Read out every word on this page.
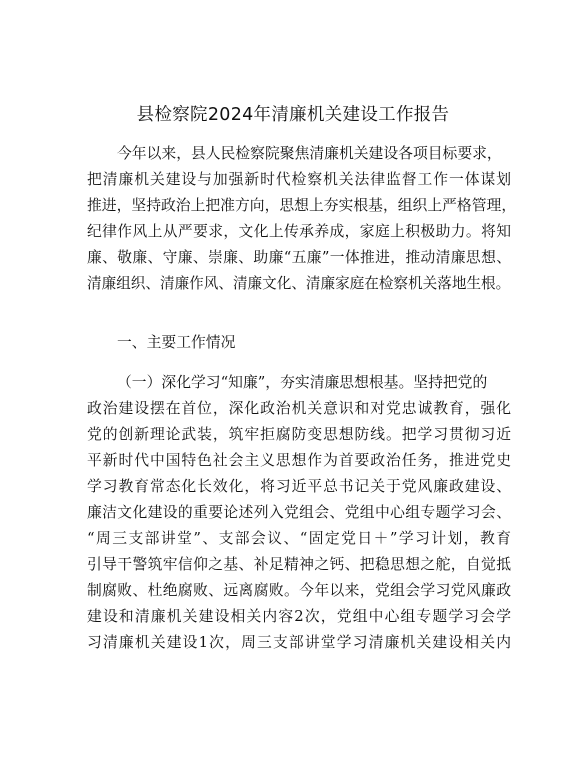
县检察院2024年清廉机关建设工作报告
今年以来，县人民检察院聚焦清廉机关建设各项目标要求，
把清廉机关建设与加强新时代检察机关法律监督工作一体谋划
推进，坚持政治上把准方向，思想上夯实根基，组织上严格管理，
纪律作风上从严要求，文化上传承养成，家庭上积极助力。将知
廉、敬廉、守廉、崇廉、助廉“五廉”一体推进，推动清廉思想、
清廉组织、清廉作风、清廉文化、清廉家庭在检察机关落地生根。
一、主要工作情况
（一）深化学习“知廉”，夯实清廉思想根基。坚持把党的
政治建设摆在首位，深化政治机关意识和对党忠诚教育，强化
党的创新理论武装，筑牢拒腐防变思想防线。把学习贯彻习近
平新时代中国特色社会主义思想作为首要政治任务，推进党史
学习教育常态化长效化，将习近平总书记关于党风廉政建设、
廉洁文化建设的重要论述列入党组会、党组中心组专题学习会、
“周三支部讲堂”、支部会议、“固定党日＋”学习计划，教育
引导干警筑牢信仰之基、补足精神之钙、把稳思想之舵，自觉抵
制腐败、杜绝腐败、远离腐败。今年以来，党组会学习党风廉政
建设和清廉机关建设相关内容2次，党组中心组专题学习会学
习清廉机关建设1次，周三支部讲堂学习清廉机关建设相关内
